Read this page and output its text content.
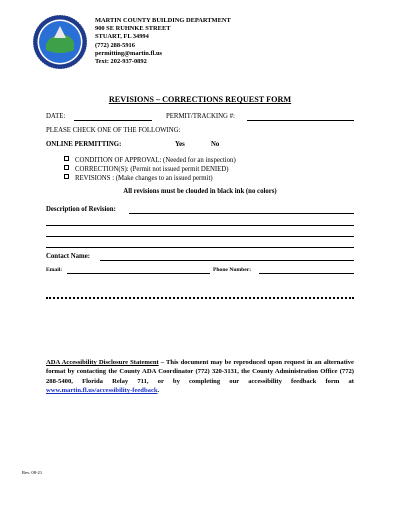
MARTIN COUNTY BUILDING DEPARTMENT
900 SE RUHNKE STREET
STUART, FL 34994
(772) 288-5916
permitting@martin.fl.us
Text: 202-937-0892
REVISIONS – CORRECTIONS REQUEST FORM
DATE:	PERMIT/TRACKING #:
PLEASE CHECK ONE OF THE FOLLOWING:
ONLINE PERMITTING:	Yes	No
CONDITION OF APPROVAL: (Needed for an inspection)
CORRECTION(S): (Permit not issued permit DENIED)
REVISIONS : (Make changes to an issued permit)
All revisions must be clouded in black ink (no colors)
Description of Revision:
Contact Name:
Email:	Phone Number:
ADA Accessibility Disclosure Statement – This document may be reproduced upon request in an alternative format by contacting the County ADA Coordinator (772) 320-3131, the County Administration Office (772) 288-5400, Florida Relay 711, or by completing our accessibility feedback form at www.martin.fl.us/accessibility-feedback.
Rev. 08-21
